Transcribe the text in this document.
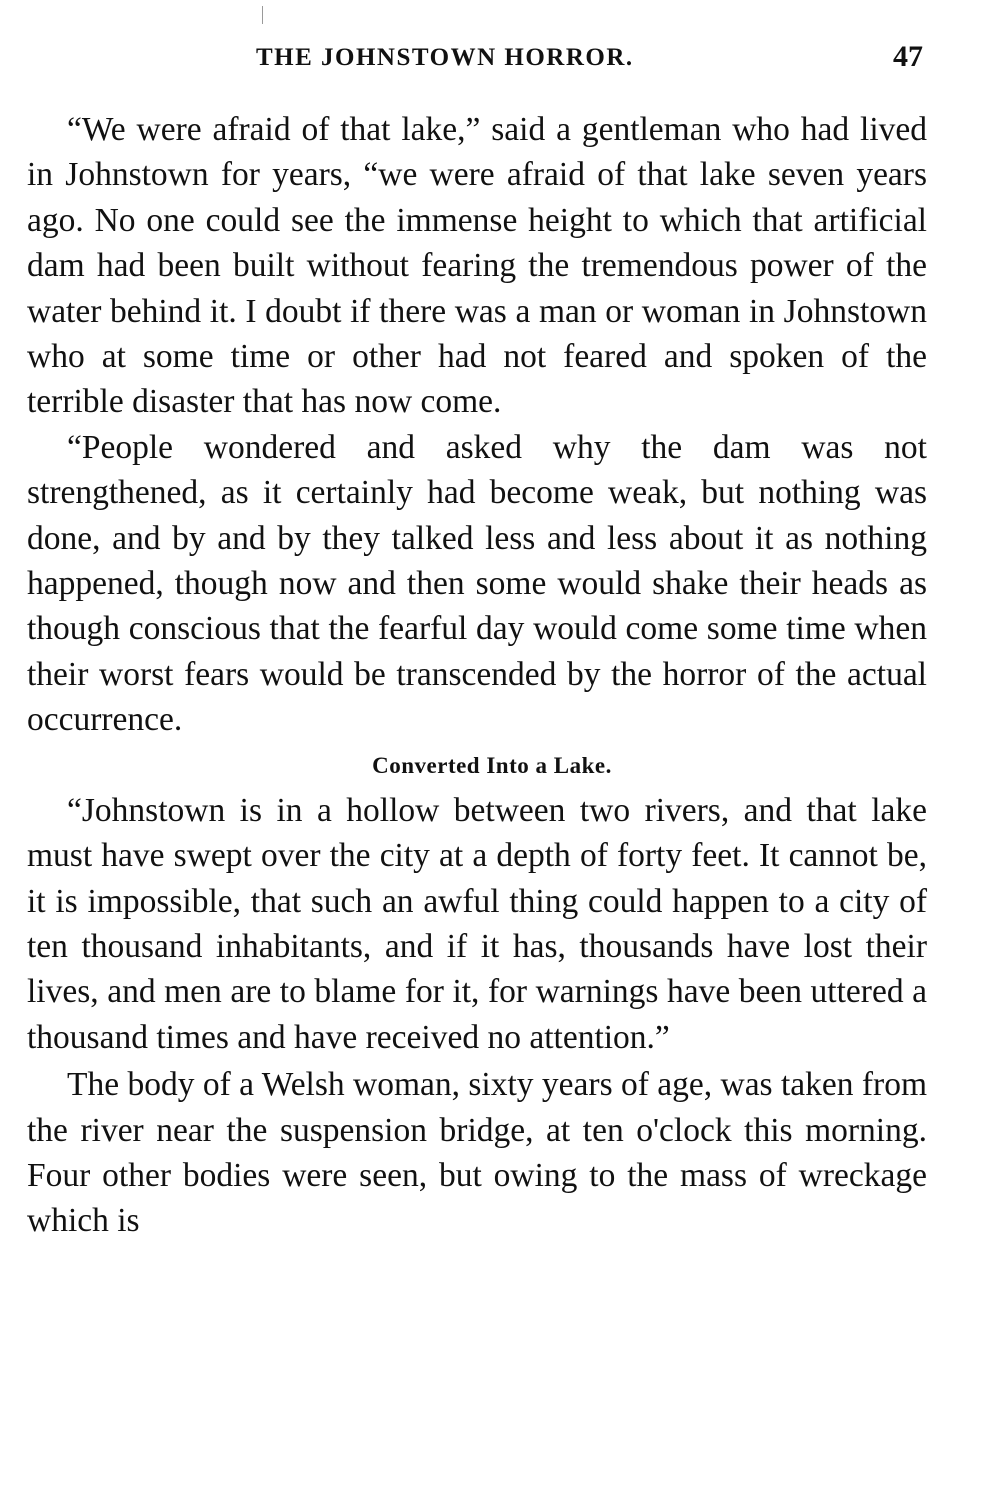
THE JOHNSTOWN HORROR.	47

“We were afraid of that lake,” said a gentleman who had lived in Johnstown for years, “we were afraid of that lake seven years ago. No one could see the immense height to which that artificial dam had been built without fearing the tremendous power of the water behind it. I doubt if there was a man or woman in Johnstown who at some time or other had not feared and spoken of the terrible disaster that has now come.

“People wondered and asked why the dam was not strengthened, as it certainly had become weak, but nothing was done, and by and by they talked less and less about it as nothing happened, though now and then some would shake their heads as though conscious that the fearful day would come some time when their worst fears would be transcended by the horror of the actual occurrence.

Converted Into a Lake.

“Johnstown is in a hollow between two rivers, and that lake must have swept over the city at a depth of forty feet. It cannot be, it is impossible, that such an awful thing could happen to a city of ten thousand inhabitants, and if it has, thousands have lost their lives, and men are to blame for it, for warnings have been uttered a thousand times and have received no attention.”

The body of a Welsh woman, sixty years of age, was taken from the river near the suspension bridge, at ten o'clock this morning. Four other bodies were seen, but owing to the mass of wreckage which is
